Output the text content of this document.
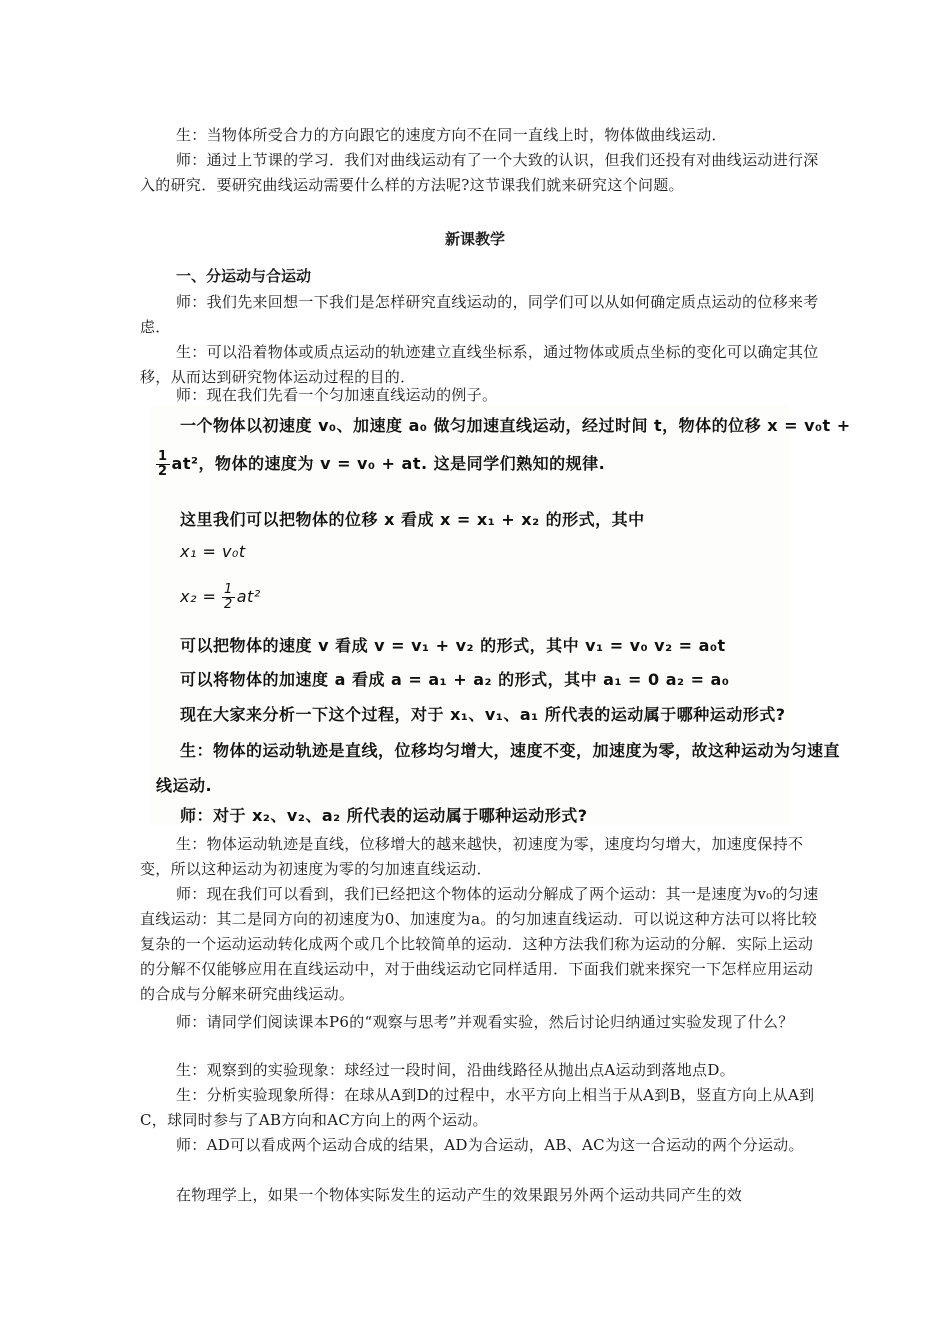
生：当物体所受合力的方向跟它的速度方向不在同一直线上时，物体做曲线运动．

师：通过上节课的学习．我们对曲线运动有了一个大致的认识，但我们还投有对曲线运动进行深入的研究．要研究曲线运动需要什么样的方法呢?这节课我们就来研究这个问题。

新课教学
一、分运动与合运动

师：我们先来回想一下我们是怎样研究直线运动的，同学们可以从如何确定质点运动的位移来考虑．

生：可以沿着物体或质点运动的轨迹建立直线坐标系，通过物体或质点坐标的变化可以确定其位移，从而达到研究物体运动过程的目的．

师：现在我们先看一个匀加速直线运动的例子。

一个物体以初速度 v₀、加速度 a₀ 做匀加速直线运动，经过时间 t，物体的位移 x = v₀t +
$\frac{1}{2} at^2$，物体的速度为 v = v₀ + at. 这是同学们熟知的规律.
这里我们可以把物体的位移 x 看成 x = x₁ + x₂ 的形式，其中
x₁ = v₀t
$x_2 = \frac{1}{2} at^2$
可以把物体的速度 v 看成 v = v₁ + v₂ 的形式，其中 v₁ = v₀ v₂ = a₀t
可以将物体的加速度 a 看成 a = a₁ + a₂ 的形式，其中 a₁ = 0 a₂ = a₀
现在大家来分析一下这个过程，对于 x₁、v₁、a₁ 所代表的运动属于哪种运动形式?
生：物体的运动轨迹是直线，位移均匀增大，速度不变，加速度为零，故这种运动为匀速直
线运动.
师：对于 x₂、v₂、a₂ 所代表的运动属于哪种运动形式?

生：物体运动轨迹是直线，位移增大的越来越快，初速度为零，速度均匀增大，加速度保持不变，所以这种运动为初速度为零的匀加速直线运动．

师：现在我们可以看到，我们已经把这个物体的运动分解成了两个运动：其一是速度为v₀的匀速直线运动：其二是同方向的初速度为0、加速度为a。的匀加速直线运动．可以说这种方法可以将比较复杂的一个运动运动转化成两个或几个比较简单的运动．这种方法我们称为运动的分解．实际上运动的分解不仅能够应用在直线运动中，对于曲线运动它同样适用．下面我们就来探究一下怎样应用运动的合成与分解来研究曲线运动。

师：请同学们阅读课本P6的“观察与思考”并观看实验，然后讨论归纳通过实验发现了什么？

生：观察到的实验现象：球经过一段时间，沿曲线路径从抛出点A运动到落地点D。

生：分析实验现象所得：在球从A到D的过程中，水平方向上相当于从A到B，竖直方向上从A到C，球同时参与了AB方向和AC方向上的两个运动。

师：AD可以看成两个运动合成的结果，AD为合运动，AB、AC为这一合运动的两个分运动。

在物理学上，如果一个物体实际发生的运动产生的效果跟另外两个运动共同产生的效
